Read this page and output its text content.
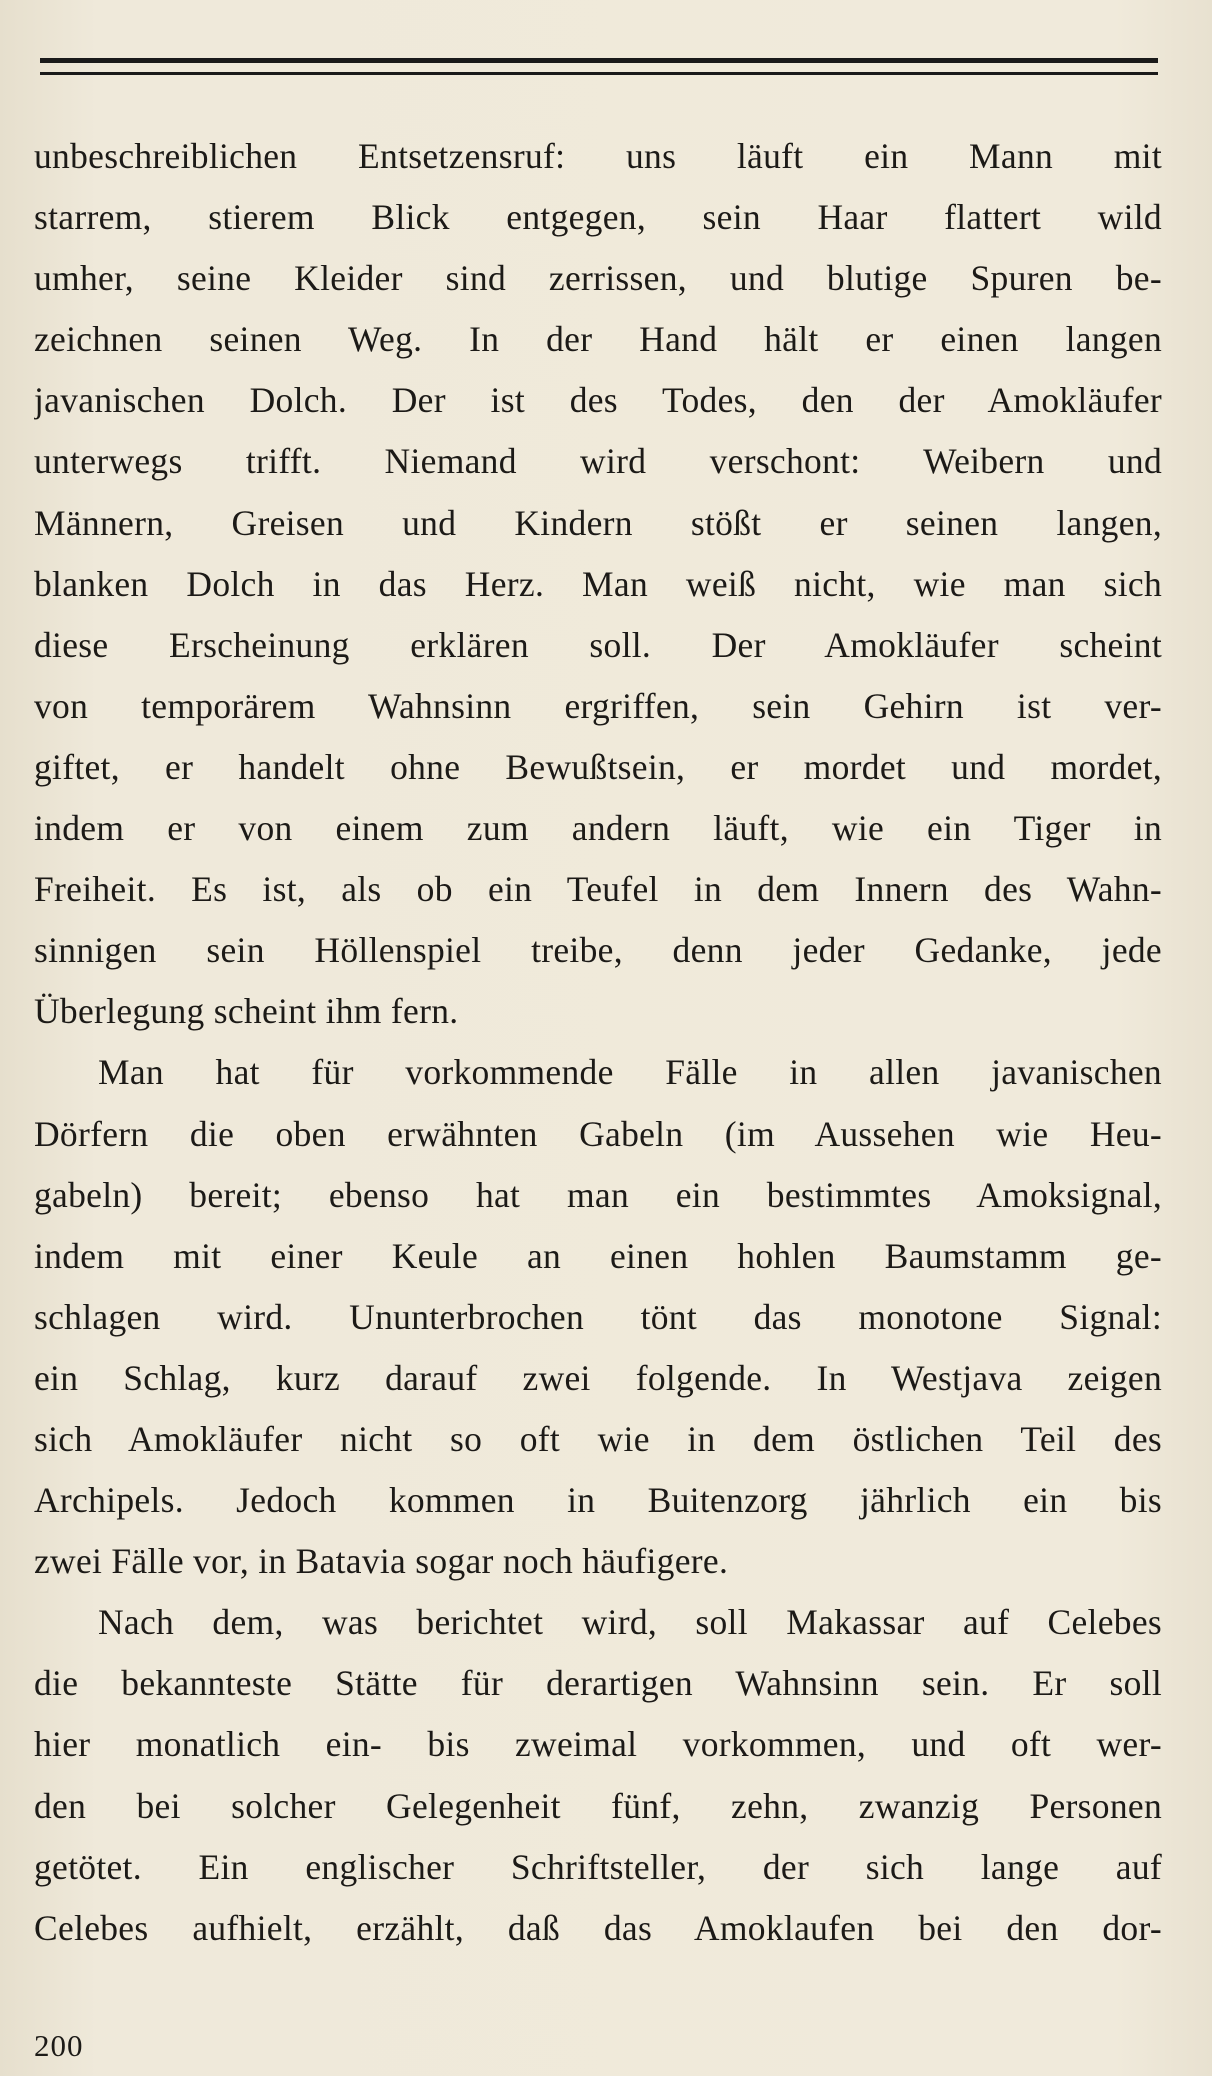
unbeschreiblichen Entsetzensruf: uns läuft ein Mann mit
starrem, stierem Blick entgegen, sein Haar flattert wild
umher, seine Kleider sind zerrissen, und blutige Spuren be-
zeichnen seinen Weg. In der Hand hält er einen langen
javanischen Dolch. Der ist des Todes, den der Amokläufer
unterwegs trifft. Niemand wird verschont: Weibern und
Männern, Greisen und Kindern stößt er seinen langen,
blanken Dolch in das Herz. Man weiß nicht, wie man sich
diese Erscheinung erklären soll. Der Amokläufer scheint
von temporärem Wahnsinn ergriffen, sein Gehirn ist ver-
giftet, er handelt ohne Bewußtsein, er mordet und mordet,
indem er von einem zum andern läuft, wie ein Tiger in
Freiheit. Es ist, als ob ein Teufel in dem Innern des Wahn-
sinnigen sein Höllenspiel treibe, denn jeder Gedanke, jede
Überlegung scheint ihm fern.
Man hat für vorkommende Fälle in allen javanischen
Dörfern die oben erwähnten Gabeln (im Aussehen wie Heu-
gabeln) bereit; ebenso hat man ein bestimmtes Amoksignal,
indem mit einer Keule an einen hohlen Baumstamm ge-
schlagen wird. Ununterbrochen tönt das monotone Signal:
ein Schlag, kurz darauf zwei folgende. In Westjava zeigen
sich Amokläufer nicht so oft wie in dem östlichen Teil des
Archipels. Jedoch kommen in Buitenzorg jährlich ein bis
zwei Fälle vor, in Batavia sogar noch häufigere.
Nach dem, was berichtet wird, soll Makassar auf Celebes
die bekannteste Stätte für derartigen Wahnsinn sein. Er soll
hier monatlich ein- bis zweimal vorkommen, und oft wer-
den bei solcher Gelegenheit fünf, zehn, zwanzig Personen
getötet. Ein englischer Schriftsteller, der sich lange auf
Celebes aufhielt, erzählt, daß das Amoklaufen bei den dor-
200
